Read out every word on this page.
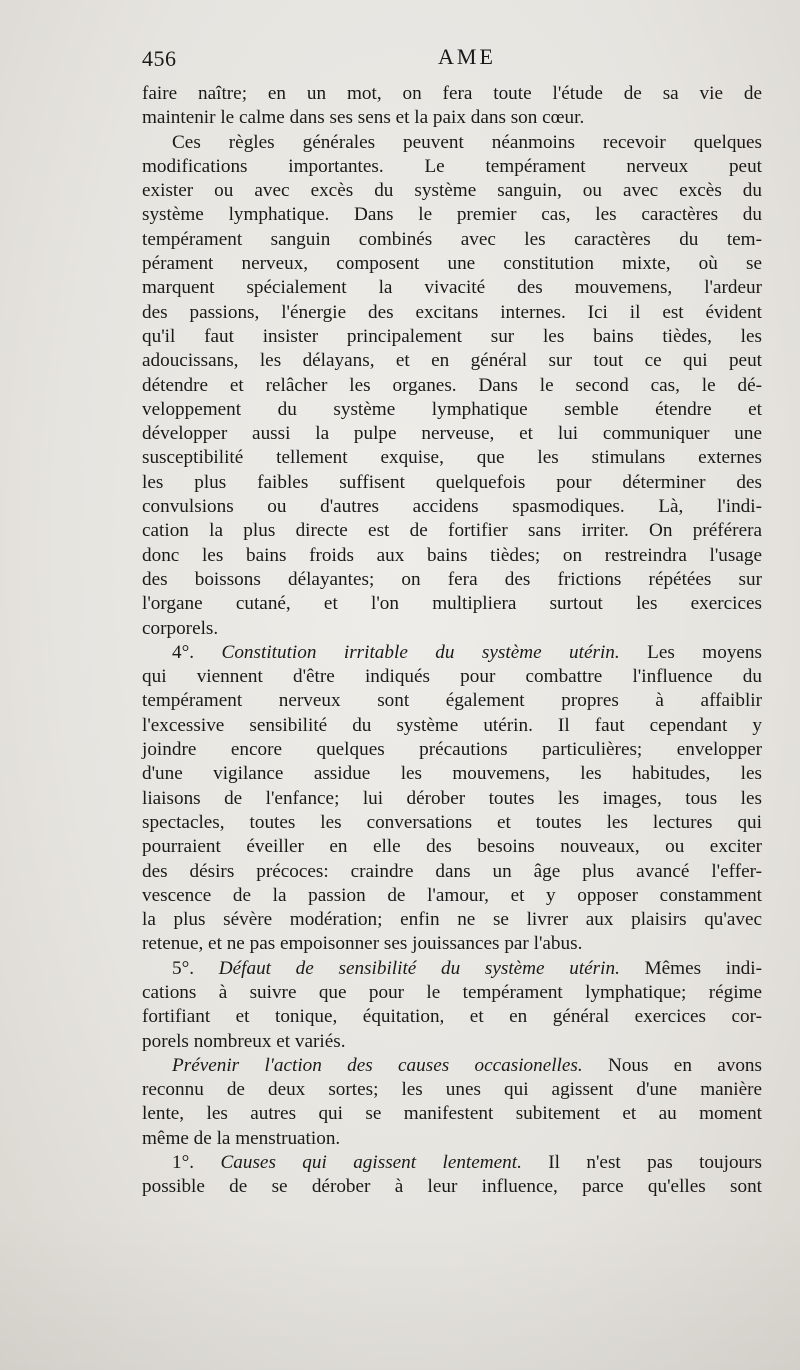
456	AME
faire naître; en un mot, on fera toute l'étude de sa vie de
maintenir le calme dans ses sens et la paix dans son cœur.
Ces règles générales peuvent néanmoins recevoir quelques
modifications importantes. Le tempérament nerveux peut
exister ou avec excès du système sanguin, ou avec excès du
système lymphatique. Dans le premier cas, les caractères du
tempérament sanguin combinés avec les caractères du tem-
pérament nerveux, composent une constitution mixte, où se
marquent spécialement la vivacité des mouvemens, l'ardeur
des passions, l'énergie des excitans internes. Ici il est évident
qu'il faut insister principalement sur les bains tièdes, les
adoucissans, les délayans, et en général sur tout ce qui peut
détendre et relâcher les organes. Dans le second cas, le dé-
veloppement du système lymphatique semble étendre et
développer aussi la pulpe nerveuse, et lui communiquer une
susceptibilité tellement exquise, que les stimulans externes
les plus faibles suffisent quelquefois pour déterminer des
convulsions ou d'autres accidens spasmodiques. Là, l'indi-
cation la plus directe est de fortifier sans irriter. On préférera
donc les bains froids aux bains tièdes; on restreindra l'usage
des boissons délayantes; on fera des frictions répétées sur
l'organe cutané, et l'on multipliera surtout les exercices
corporels.
4°. Constitution irritable du système utérin. Les moyens
qui viennent d'être indiqués pour combattre l'influence du
tempérament nerveux sont également propres à affaiblir
l'excessive sensibilité du système utérin. Il faut cependant y
joindre encore quelques précautions particulières; envelopper
d'une vigilance assidue les mouvemens, les habitudes, les
liaisons de l'enfance; lui dérober toutes les images, tous les
spectacles, toutes les conversations et toutes les lectures qui
pourraient éveiller en elle des besoins nouveaux, ou exciter
des désirs précoces: craindre dans un âge plus avancé l'effer-
vescence de la passion de l'amour, et y opposer constamment
la plus sévère modération; enfin ne se livrer aux plaisirs qu'avec
retenue, et ne pas empoisonner ses jouissances par l'abus.
5°. Défaut de sensibilité du système utérin. Mêmes indi-
cations à suivre que pour le tempérament lymphatique; régime
fortifiant et tonique, équitation, et en général exercices cor-
porels nombreux et variés.
Prévenir l'action des causes occasionelles. Nous en avons
reconnu de deux sortes; les unes qui agissent d'une manière
lente, les autres qui se manifestent subitement et au moment
même de la menstruation.
1°. Causes qui agissent lentement. Il n'est pas toujours
possible de se dérober à leur influence, parce qu'elles sont
